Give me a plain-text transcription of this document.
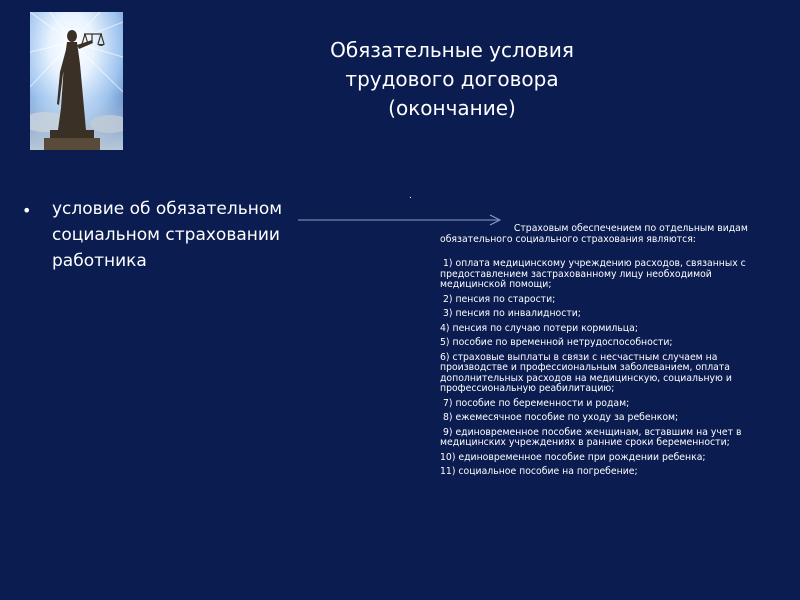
Обязательные условия
трудового договора
(окончание)
• условие об обязательном
социальном страховании
работника
.
Страховым обеспечением по отдельным видам
обязательного социального страхования являются:
1) оплата медицинскому учреждению расходов, связанных с
предоставлением застрахованному лицу необходимой
медицинской помощи;
2) пенсия по старости;
3) пенсия по инвалидности;
4) пенсия по случаю потери кормильца;
5) пособие по временной нетрудоспособности;
6) страховые выплаты в связи с несчастным случаем на
производстве и профессиональным заболеванием, оплата
дополнительных расходов на медицинскую, социальную и
профессиональную реабилитацию;
7) пособие по беременности и родам;
8) ежемесячное пособие по уходу за ребенком;
9) единовременное пособие женщинам, вставшим на учет в
медицинских учреждениях в ранние сроки беременности;
10) единовременное пособие при рождении ребенка;
11) социальное пособие на погребение;
